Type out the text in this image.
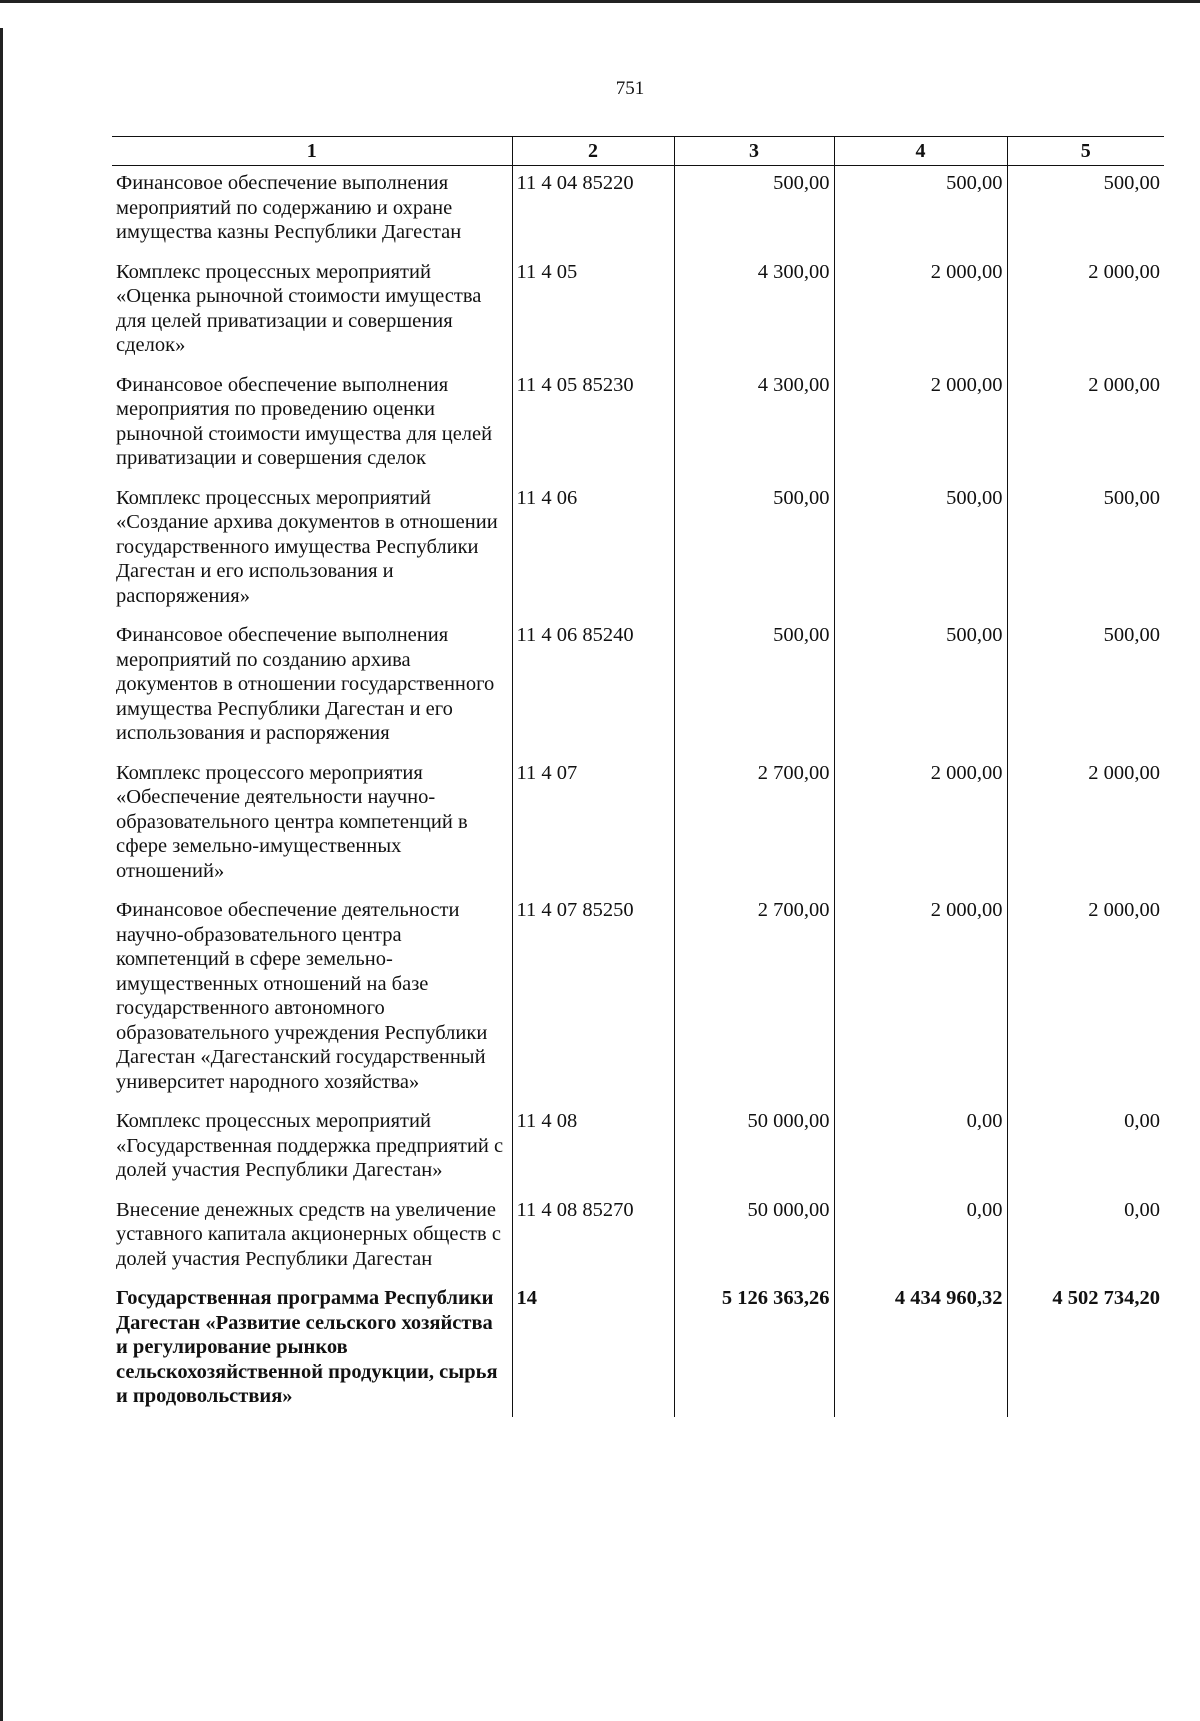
751
1	2	3	4	5
Финансовое обеспечение выполнения мероприятий по содержанию и охране имущества казны Республики Дагестан	11 4 04 85220	500,00	500,00	500,00
Комплекс процессных мероприятий «Оценка рыночной стоимости имущества для целей приватизации и совершения сделок»	11 4 05	4 300,00	2 000,00	2 000,00
Финансовое обеспечение выполнения мероприятия по проведению оценки рыночной стоимости имущества для целей приватизации и совершения сделок	11 4 05 85230	4 300,00	2 000,00	2 000,00
Комплекс процессных мероприятий «Создание архива документов в отношении государственного имущества Республики Дагестан и его использования и распоряжения»	11 4 06	500,00	500,00	500,00
Финансовое обеспечение выполнения мероприятий по созданию архива документов в отношении государственного имущества Республики Дагестан и его использования и распоряжения	11 4 06 85240	500,00	500,00	500,00
Комплекс процессого мероприятия «Обеспечение деятельности научно-образовательного центра компетенций в сфере земельно-имущественных отношений»	11 4 07	2 700,00	2 000,00	2 000,00
Финансовое обеспечение деятельности научно-образовательного центра компетенций в сфере земельно-имущественных отношений на базе государственного автономного образовательного учреждения Республики Дагестан «Дагестанский государственный университет народного хозяйства»	11 4 07 85250	2 700,00	2 000,00	2 000,00
Комплекс процессных мероприятий «Государственная поддержка предприятий с долей участия Республики Дагестан»	11 4 08	50 000,00	0,00	0,00
Внесение денежных средств на увеличение уставного капитала акционерных обществ с долей участия Республики Дагестан	11 4 08 85270	50 000,00	0,00	0,00
Государственная программа Республики Дагестан «Развитие сельского хозяйства и регулирование рынков сельскохозяйственной продукции, сырья и продовольствия»	14	5 126 363,26	4 434 960,32	4 502 734,20
